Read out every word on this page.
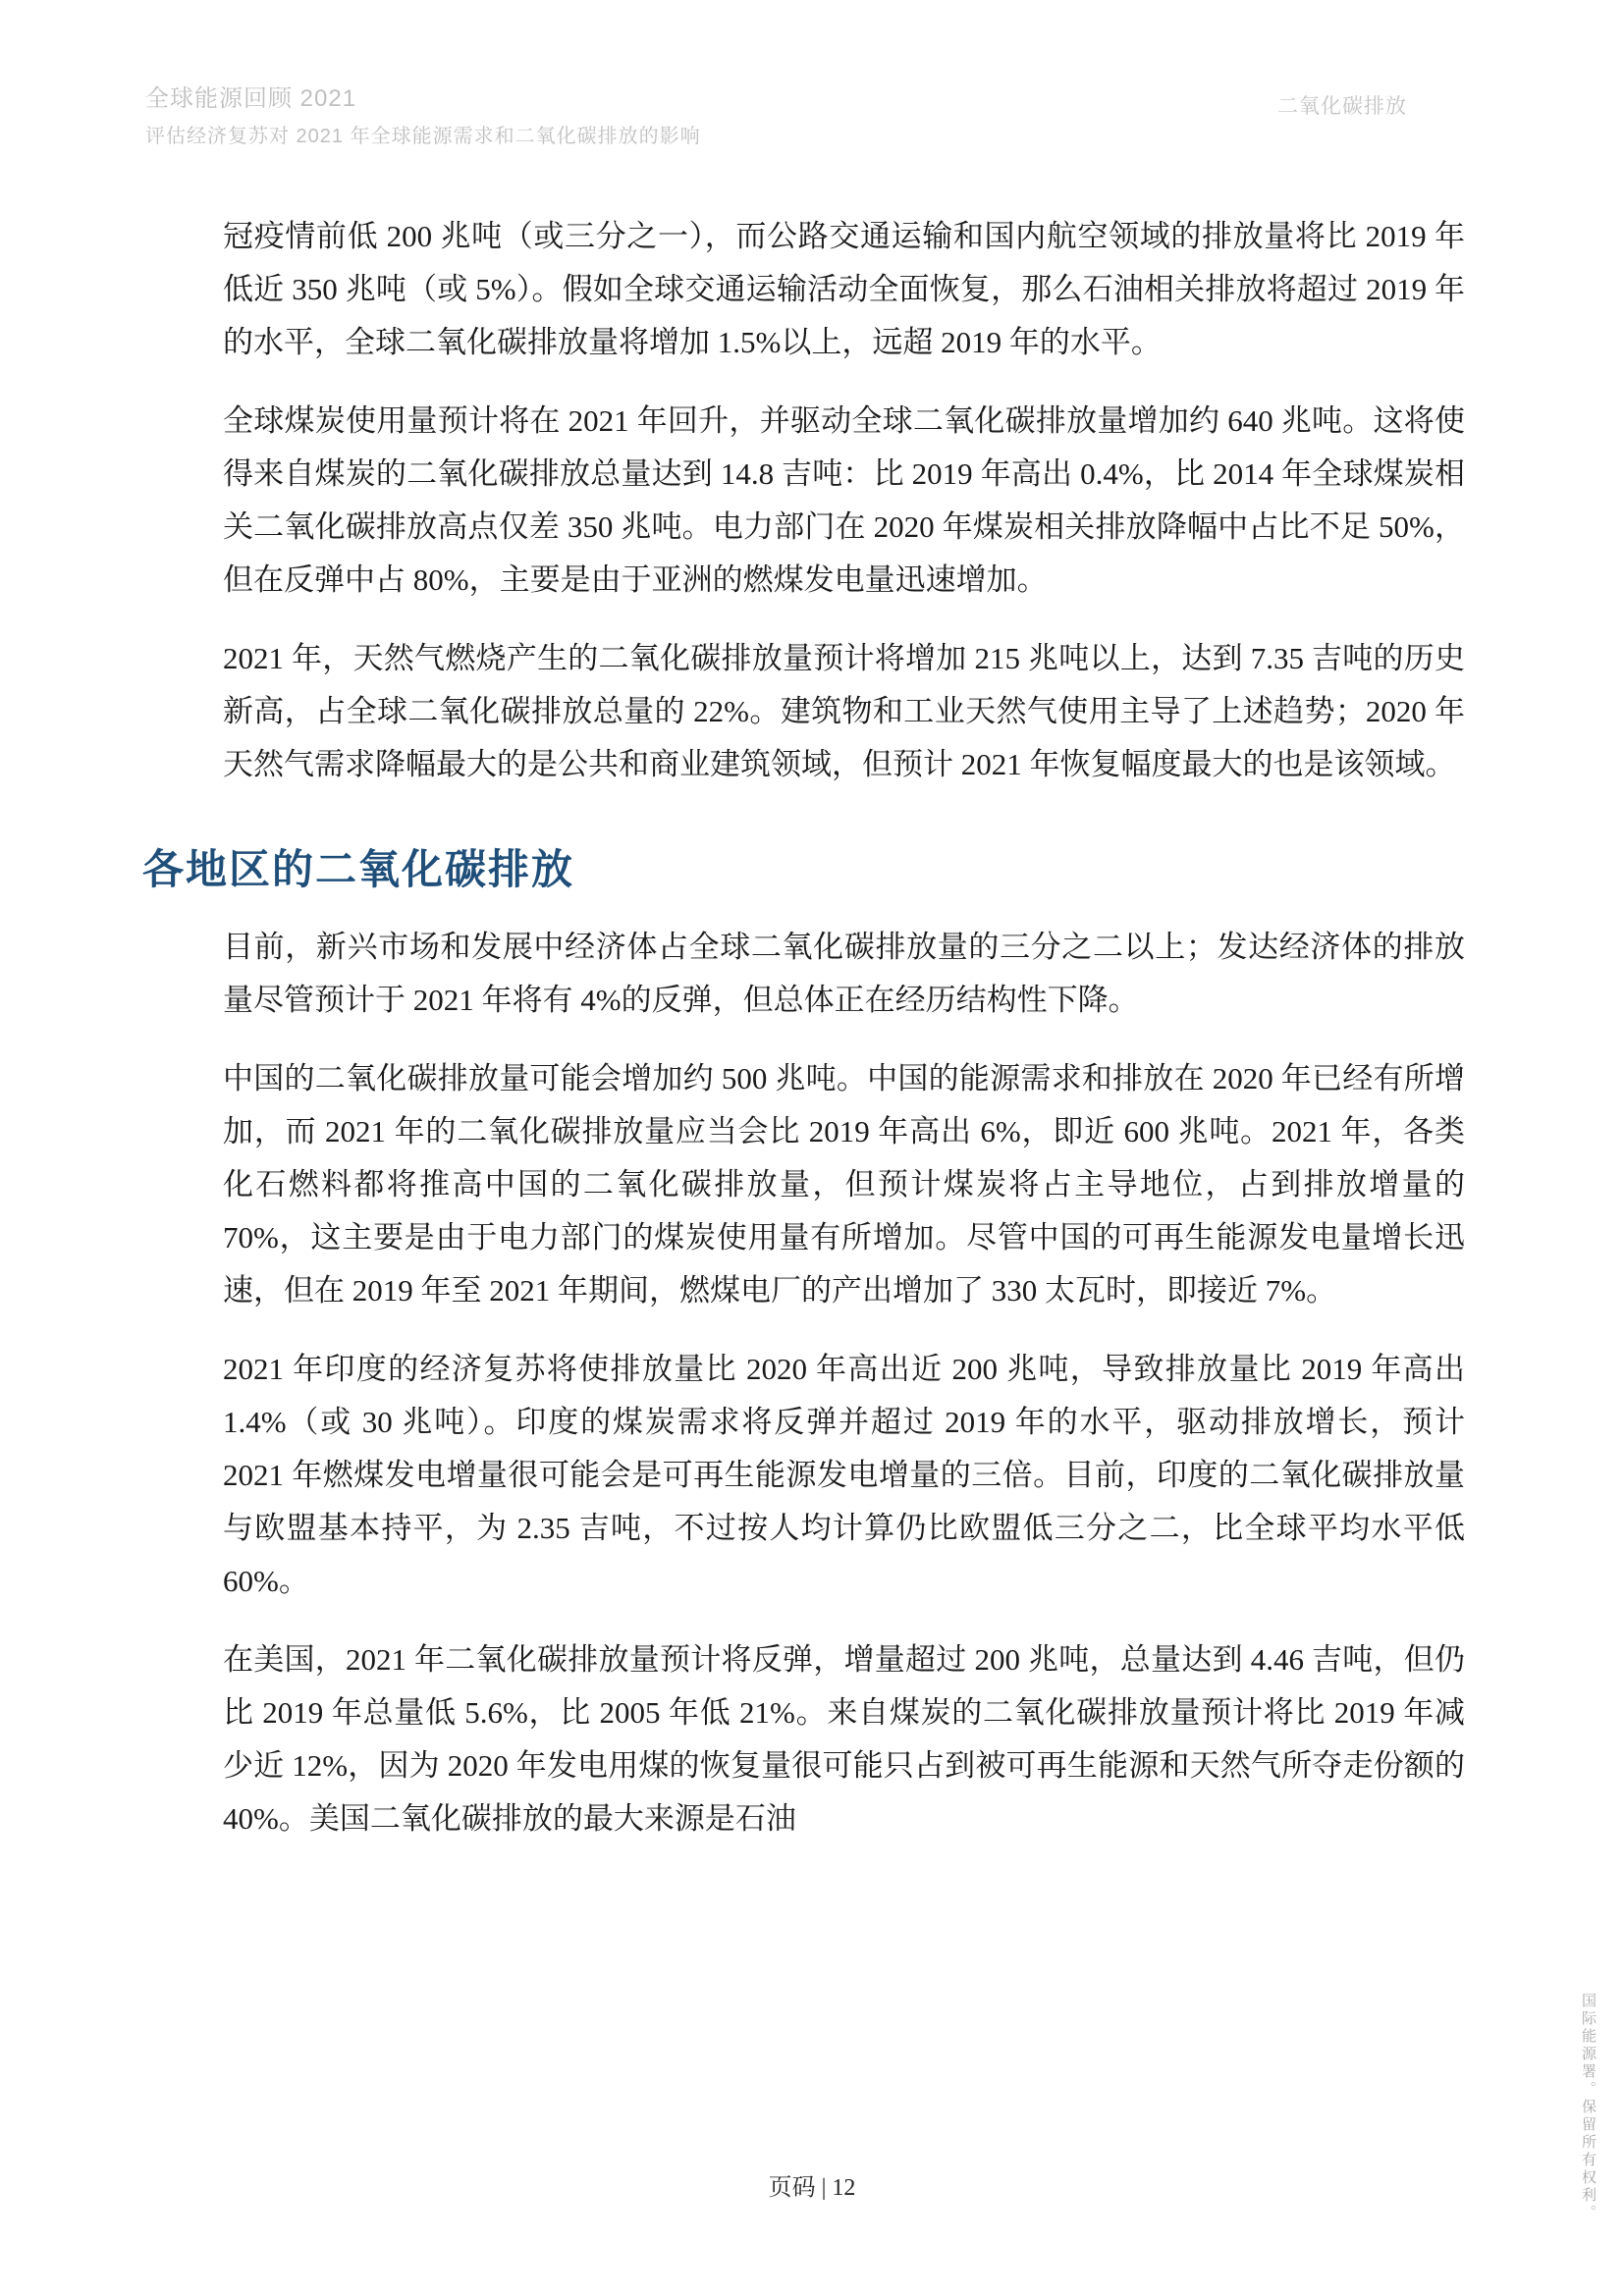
全球能源回顾 2021
评估经济复苏对 2021 年全球能源需求和二氧化碳排放的影响
二氧化碳排放

冠疫情前低 200 兆吨（或三分之一），而公路交通运输和国内航空领域的排放量将比 2019 年低近 350 兆吨（或 5%）。假如全球交通运输活动全面恢复，那么石油相关排放将超过 2019 年的水平，全球二氧化碳排放量将增加 1.5%以上，远超 2019 年的水平。

全球煤炭使用量预计将在 2021 年回升，并驱动全球二氧化碳排放量增加约 640 兆吨。这将使得来自煤炭的二氧化碳排放总量达到 14.8 吉吨：比 2019 年高出 0.4%，比 2014 年全球煤炭相关二氧化碳排放高点仅差 350 兆吨。电力部门在 2020 年煤炭相关排放降幅中占比不足 50%，但在反弹中占 80%，主要是由于亚洲的燃煤发电量迅速增加。

2021 年，天然气燃烧产生的二氧化碳排放量预计将增加 215 兆吨以上，达到 7.35 吉吨的历史新高，占全球二氧化碳排放总量的 22%。建筑物和工业天然气使用主导了上述趋势；2020 年天然气需求降幅最大的是公共和商业建筑领域，但预计 2021 年恢复幅度最大的也是该领域。

各地区的二氧化碳排放

目前，新兴市场和发展中经济体占全球二氧化碳排放量的三分之二以上；发达经济体的排放量尽管预计于 2021 年将有 4%的反弹，但总体正在经历结构性下降。

中国的二氧化碳排放量可能会增加约 500 兆吨。中国的能源需求和排放在 2020 年已经有所增加，而 2021 年的二氧化碳排放量应当会比 2019 年高出 6%，即近 600 兆吨。2021 年，各类化石燃料都将推高中国的二氧化碳排放量，但预计煤炭将占主导地位，占到排放增量的 70%，这主要是由于电力部门的煤炭使用量有所增加。尽管中国的可再生能源发电量增长迅速，但在 2019 年至 2021 年期间，燃煤电厂的产出增加了 330 太瓦时，即接近 7%。

2021 年印度的经济复苏将使排放量比 2020 年高出近 200 兆吨，导致排放量比 2019 年高出 1.4%（或 30 兆吨）。印度的煤炭需求将反弹并超过 2019 年的水平，驱动排放增长，预计 2021 年燃煤发电增量很可能会是可再生能源发电增量的三倍。目前，印度的二氧化碳排放量与欧盟基本持平，为 2.35 吉吨，不过按人均计算仍比欧盟低三分之二，比全球平均水平低 60%。

在美国，2021 年二氧化碳排放量预计将反弹，增量超过 200 兆吨，总量达到 4.46 吉吨，但仍比 2019 年总量低 5.6%，比 2005 年低 21%。来自煤炭的二氧化碳排放量预计将比 2019 年减少近 12%，因为 2020 年发电用煤的恢复量很可能只占到被可再生能源和天然气所夺走份额的 40%。美国二氧化碳排放的最大来源是石油

页码 | 12	国际能源署。保留所有权利。
